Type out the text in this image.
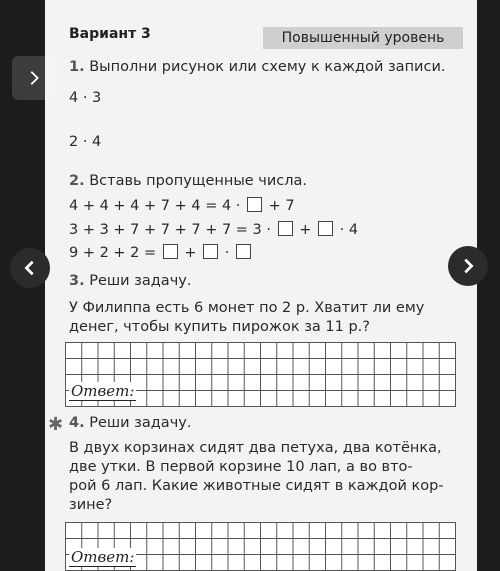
Вариант 3	Повышенный уровень
1. Выполни рисунок или схему к каждой записи.
4 · 3
2 · 4
2. Вставь пропущенные числа.
4 + 4 + 4 + 7 + 4 = 4 · + 7
3 + 3 + 7 + 7 + 7 + 7 = 3 · + · 4
9 + 2 + 2 = + ·
3. Реши задачу.
У Филиппа есть 6 монет по 2 р. Хватит ли ему
денег, чтобы купить пирожок за 11 р.?
Ответ:
4. Реши задачу.
В двух корзинах сидят два петуха, два котёнка,
две утки. В первой корзине 10 лап, а во вто-
рой 6 лап. Какие животные сидят в каждой кор-
зине?
Ответ:
✱
